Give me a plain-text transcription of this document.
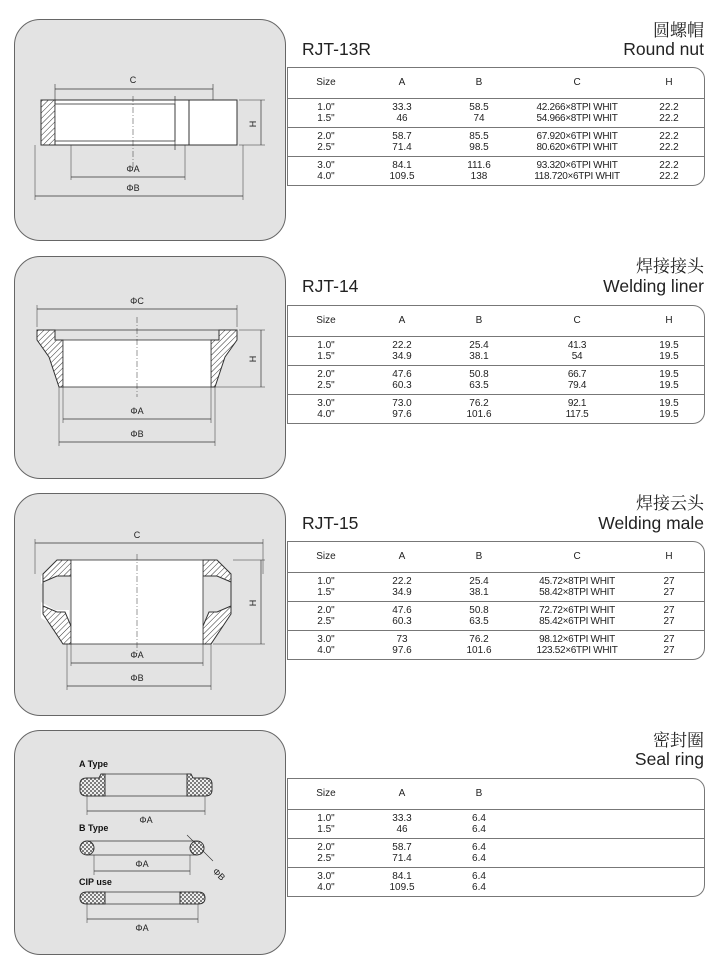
C
H
ΦA
ΦB
圆螺帽
RJT-13R	Round nut
Size	A	B	C	H
1.0"	33.3	58.5	42.266×8TPI WHIT	22.2
1.5"	46	74	54.966×8TPI WHIT	22.2
2.0"	58.7	85.5	67.920×6TPI WHIT	22.2
2.5"	71.4	98.5	80.620×6TPI WHIT	22.2
3.0"	84.1	111.6	93.320×6TPI WHIT	22.2
4.0"	109.5	138	118.720×6TPI WHIT	22.2
ΦC
H
ΦA
ΦB
焊接接头
RJT-14	Welding liner
Size	A	B	C	H
1.0"	22.2	25.4	41.3	19.5
1.5"	34.9	38.1	54	19.5
2.0"	47.6	50.8	66.7	19.5
2.5"	60.3	63.5	79.4	19.5
3.0"	73.0	76.2	92.1	19.5
4.0"	97.6	101.6	117.5	19.5
C
H
ΦA
ΦB
焊接云头
RJT-15	Welding male
Size	A	B	C	H
1.0"	22.2	25.4	45.72×8TPI WHIT	27
1.5"	34.9	38.1	58.42×8TPI WHIT	27
2.0"	47.6	50.8	72.72×6TPI WHIT	27
2.5"	60.3	63.5	85.42×6TPI WHIT	27
3.0"	73	76.2	98.12×6TPI WHIT	27
4.0"	97.6	101.6	123.52×6TPI WHIT	27
A Type
ΦA
B Type
ΦA
ΦB
CIP use
ΦA
密封圈
Seal ring
Size	A	B
1.0"	33.3	6.4
1.5"	46	6.4
2.0"	58.7	6.4
2.5"	71.4	6.4
3.0"	84.1	6.4
4.0"	109.5	6.4
